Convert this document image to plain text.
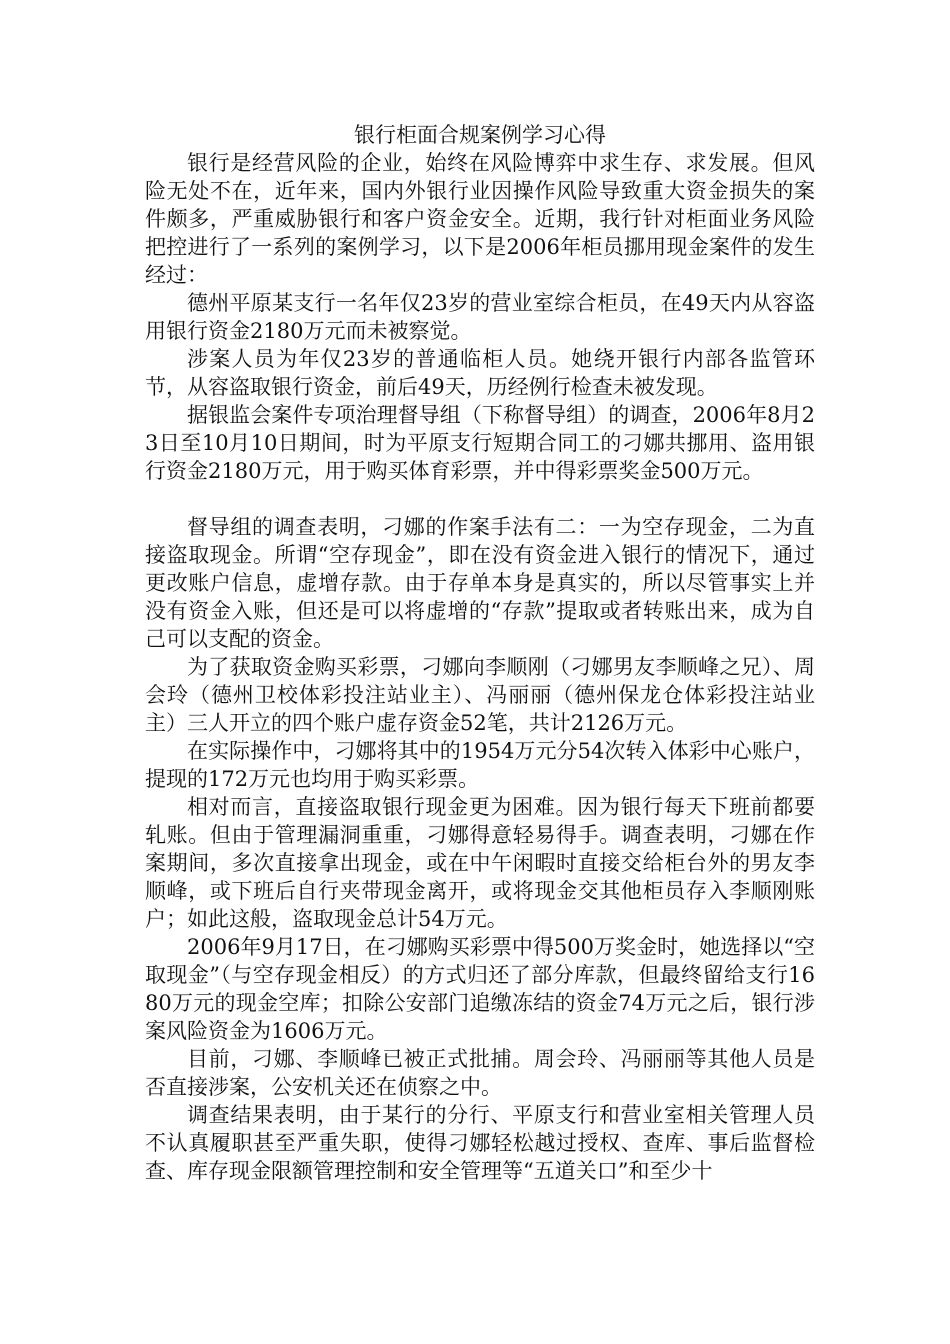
银行柜面合规案例学习心得

银行是经营风险的企业，始终在风险博弈中求生存、求发展。但风险无处不在，近年来，国内外银行业因操作风险导致重大资金损失的案件颇多，严重威胁银行和客户资金安全。近期，我行针对柜面业务风险把控进行了一系列的案例学习，以下是2006年柜员挪用现金案件的发生经过：

德州平原某支行一名年仅23岁的营业室综合柜员，在49天内从容盗用银行资金2180万元而未被察觉。

涉案人员为年仅23岁的普通临柜人员。她绕开银行内部各监管环节，从容盗取银行资金，前后49天，历经例行检查未被发现。

据银监会案件专项治理督导组（下称督导组）的调查，2006年8月23日至10月10日期间，时为平原支行短期合同工的刁娜共挪用、盗用银行资金2180万元，用于购买体育彩票，并中得彩票奖金500万元。

督导组的调查表明，刁娜的作案手法有二：一为空存现金，二为直接盗取现金。所谓“空存现金”，即在没有资金进入银行的情况下，通过更改账户信息，虚增存款。由于存单本身是真实的，所以尽管事实上并没有资金入账，但还是可以将虚增的“存款”提取或者转账出来，成为自己可以支配的资金。

为了获取资金购买彩票，刁娜向李顺刚（刁娜男友李顺峰之兄）、周会玲（德州卫校体彩投注站业主）、冯丽丽（德州保龙仓体彩投注站业主）三人开立的四个账户虚存资金52笔，共计2126万元。

在实际操作中，刁娜将其中的1954万元分54次转入体彩中心账户，提现的172万元也均用于购买彩票。

相对而言，直接盗取银行现金更为困难。因为银行每天下班前都要轧账。但由于管理漏洞重重，刁娜得意轻易得手。调查表明，刁娜在作案期间，多次直接拿出现金，或在中午闲暇时直接交给柜台外的男友李顺峰，或下班后自行夹带现金离开，或将现金交其他柜员存入李顺刚账户；如此这般，盗取现金总计54万元。

2006年9月17日，在刁娜购买彩票中得500万奖金时，她选择以“空取现金”（与空存现金相反）的方式归还了部分库款，但最终留给支行1680万元的现金空库；扣除公安部门追缴冻结的资金74万元之后，银行涉案风险资金为1606万元。

目前，刁娜、李顺峰已被正式批捕。周会玲、冯丽丽等其他人员是否直接涉案，公安机关还在侦察之中。

调查结果表明，由于某行的分行、平原支行和营业室相关管理人员不认真履职甚至严重失职，使得刁娜轻松越过授权、查库、事后监督检查、库存现金限额管理控制和安全管理等“五道关口”和至少十
